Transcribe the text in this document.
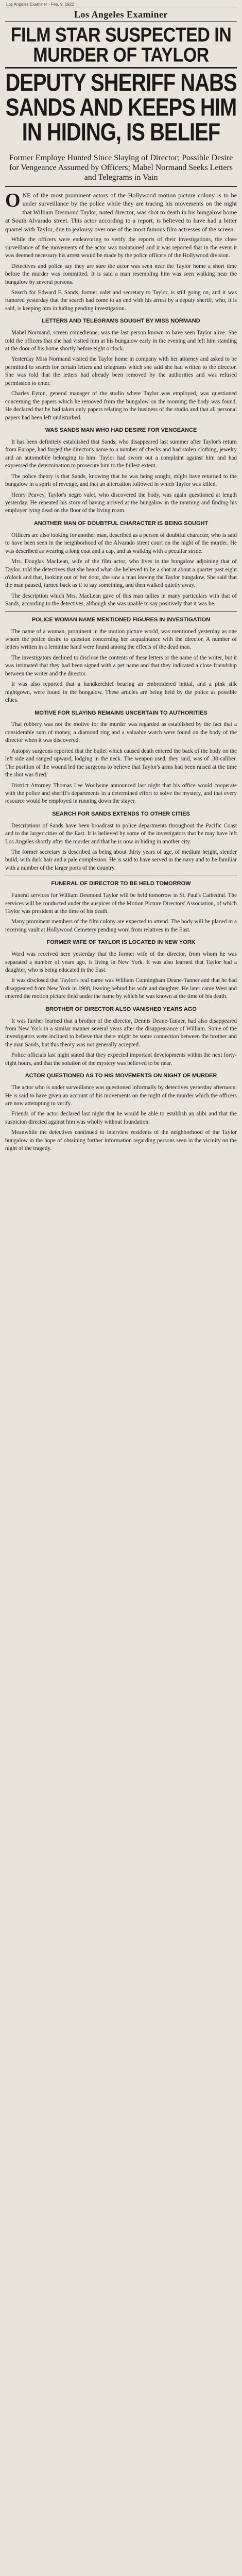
Los Angeles Examiner - Feb. 9, 1922
Los Angeles Examiner
FILM STAR SUSPECTED IN MURDER OF TAYLOR
DEPUTY SHERIFF NABS SANDS AND KEEPS HIM IN HIDING, IS BELIEF
Former Employe Hunted Since Slaying of Director; Possible Desire for Vengeance Assumed by Officers; Mabel Normand Seeks Letters and Telegrams in Vain

ONE of the most prominent actors of the Hollywood motion picture colony is to be under surveillance by the police while they are tracing his movements on the night that William Desmond Taylor, noted director, was shot to death in his bungalow home at South Alvarado street. This actor according to a report, is believed to have had a bitter quarrel with Taylor, due to jealousy over one of the most famous film actresses of the screen.

While the officers were endeavoring to verify the reports of their investigations, the close surveillance of the movements of the actor was maintained and it was reported that in the event it was deemed necessary his arrest would be made by the police officers of the Hollywood division.

Detectives and police say they are sure the actor was seen near the Taylor home a short time before the murder was committed. It is said a man resembling him was seen walking near the bungalow by several persons.

Search for Edward F. Sands, former valet and secretary to Taylor, is still going on, and it was rumored yesterday that the search had come to an end with his arrest by a deputy sheriff, who, it is said, is keeping him in hiding pending investigation.

LETTERS AND TELEGRAMS SOUGHT BY MISS NORMAND

Mabel Normand, screen comedienne, was the last person known to have seen Taylor alive. She told the officers that she had visited him at his bungalow early in the evening and left him standing at the door of his home shortly before eight o'clock.

Yesterday Miss Normand visited the Taylor home in company with her attorney and asked to be permitted to search for certain letters and telegrams which she said she had written to the director. She was told that the letters had already been removed by the authorities and was refused permission to enter.

Charles Eyton, general manager of the studio where Taylor was employed, was questioned concerning the papers which he removed from the bungalow on the morning the body was found. He declared that he had taken only papers relating to the business of the studio and that all personal papers had been left undisturbed.

WAS SANDS MAN WHO HAD DESIRE FOR VENGEANCE

It has been definitely established that Sands, who disappeared last summer after Taylor's return from Europe, had forged the director's name to a number of checks and had stolen clothing, jewelry and an automobile belonging to him. Taylor had sworn out a complaint against him and had expressed the determination to prosecute him to the fullest extent.

The police theory is that Sands, knowing that he was being sought, might have returned to the bungalow in a spirit of revenge, and that an altercation followed in which Taylor was killed.

Henry Peavey, Taylor's negro valet, who discovered the body, was again questioned at length yesterday. He repeated his story of having arrived at the bungalow in the morning and finding his employer lying dead on the floor of the living room.

ANOTHER MAN OF DOUBTFUL CHARACTER IS BEING SOUGHT

Officers are also looking for another man, described as a person of doubtful character, who is said to have been seen in the neighborhood of the Alvarado street court on the night of the murder. He was described as wearing a long coat and a cap, and as walking with a peculiar stride.

Mrs. Douglas MacLean, wife of the film actor, who lives in the bungalow adjoining that of Taylor, told the detectives that she heard what she believed to be a shot at about a quarter past eight o'clock and that, looking out of her door, she saw a man leaving the Taylor bungalow. She said that the man paused, turned back as if to say something, and then walked quietly away.

The description which Mrs. MacLean gave of this man tallies in many particulars with that of Sands, according to the detectives, although she was unable to say positively that it was he.

POLICE WOMAN NAME MENTIONED FIGURES IN INVESTIGATION

The name of a woman, prominent in the motion picture world, was mentioned yesterday as one whom the police desire to question concerning her acquaintance with the director. A number of letters written in a feminine hand were found among the effects of the dead man.

The investigators declined to disclose the contents of these letters or the name of the writer, but it was intimated that they had been signed with a pet name and that they indicated a close friendship between the writer and the director.

It was also reported that a handkerchief bearing an embroidered initial, and a pink silk nightgown, were found in the bungalow. These articles are being held by the police as possible clues.

MOTIVE FOR SLAYING REMAINS UNCERTAIN TO AUTHORITIES

That robbery was not the motive for the murder was regarded as established by the fact that a considerable sum of money, a diamond ring and a valuable watch were found on the body of the director when it was discovered.

Autopsy surgeons reported that the bullet which caused death entered the back of the body on the left side and ranged upward, lodging in the neck. The weapon used, they said, was of .38 caliber. The position of the wound led the surgeons to believe that Taylor's arms had been raised at the time the shot was fired.

District Attorney Thomas Lee Woolwine announced last night that his office would cooperate with the police and sheriff's departments in a determined effort to solve the mystery, and that every resource would be employed in running down the slayer.

SEARCH FOR SANDS EXTENDS TO OTHER CITIES

Descriptions of Sands have been broadcast to police departments throughout the Pacific Coast and to the larger cities of the East. It is believed by some of the investigators that he may have left Los Angeles shortly after the murder and that he is now in hiding in another city.

The former secretary is described as being about thirty years of age, of medium height, slender build, with dark hair and a pale complexion. He is said to have served in the navy and to be familiar with a number of the larger ports of the country.

FUNERAL OF DIRECTOR TO BE HELD TOMORROW

Funeral services for William Desmond Taylor will be held tomorrow in St. Paul's Cathedral. The services will be conducted under the auspices of the Motion Picture Directors' Association, of which Taylor was president at the time of his death.

Many prominent members of the film colony are expected to attend. The body will be placed in a receiving vault at Hollywood Cemetery pending word from relatives in the East.

FORMER WIFE OF TAYLOR IS LOCATED IN NEW YORK

Word was received here yesterday that the former wife of the director, from whom he was separated a number of years ago, is living in New York. It was also learned that Taylor had a daughter, who is being educated in the East.

It was disclosed that Taylor's real name was William Cunningham Deane-Tanner and that he had disappeared from New York in 1908, leaving behind his wife and daughter. He later came West and entered the motion picture field under the name by which he was known at the time of his death.

BROTHER OF DIRECTOR ALSO VANISHED YEARS AGO

It was further learned that a brother of the director, Dennis Deane-Tanner, had also disappeared from New York in a similar manner several years after the disappearance of William. Some of the investigators were inclined to believe that there might be some connection between the brother and the man Sands, but this theory was not generally accepted.

Police officials last night stated that they expected important developments within the next forty-eight hours, and that the solution of the mystery was believed to be near.

ACTOR QUESTIONED AS TO HIS MOVEMENTS ON NIGHT OF MURDER

The actor who is under surveillance was questioned informally by detectives yesterday afternoon. He is said to have given an account of his movements on the night of the murder which the officers are now attempting to verify.

Friends of the actor declared last night that he would be able to establish an alibi and that the suspicion directed against him was wholly without foundation.

Meanwhile the detectives continued to interview residents of the neighborhood of the Taylor bungalow in the hope of obtaining further information regarding persons seen in the vicinity on the night of the tragedy.
